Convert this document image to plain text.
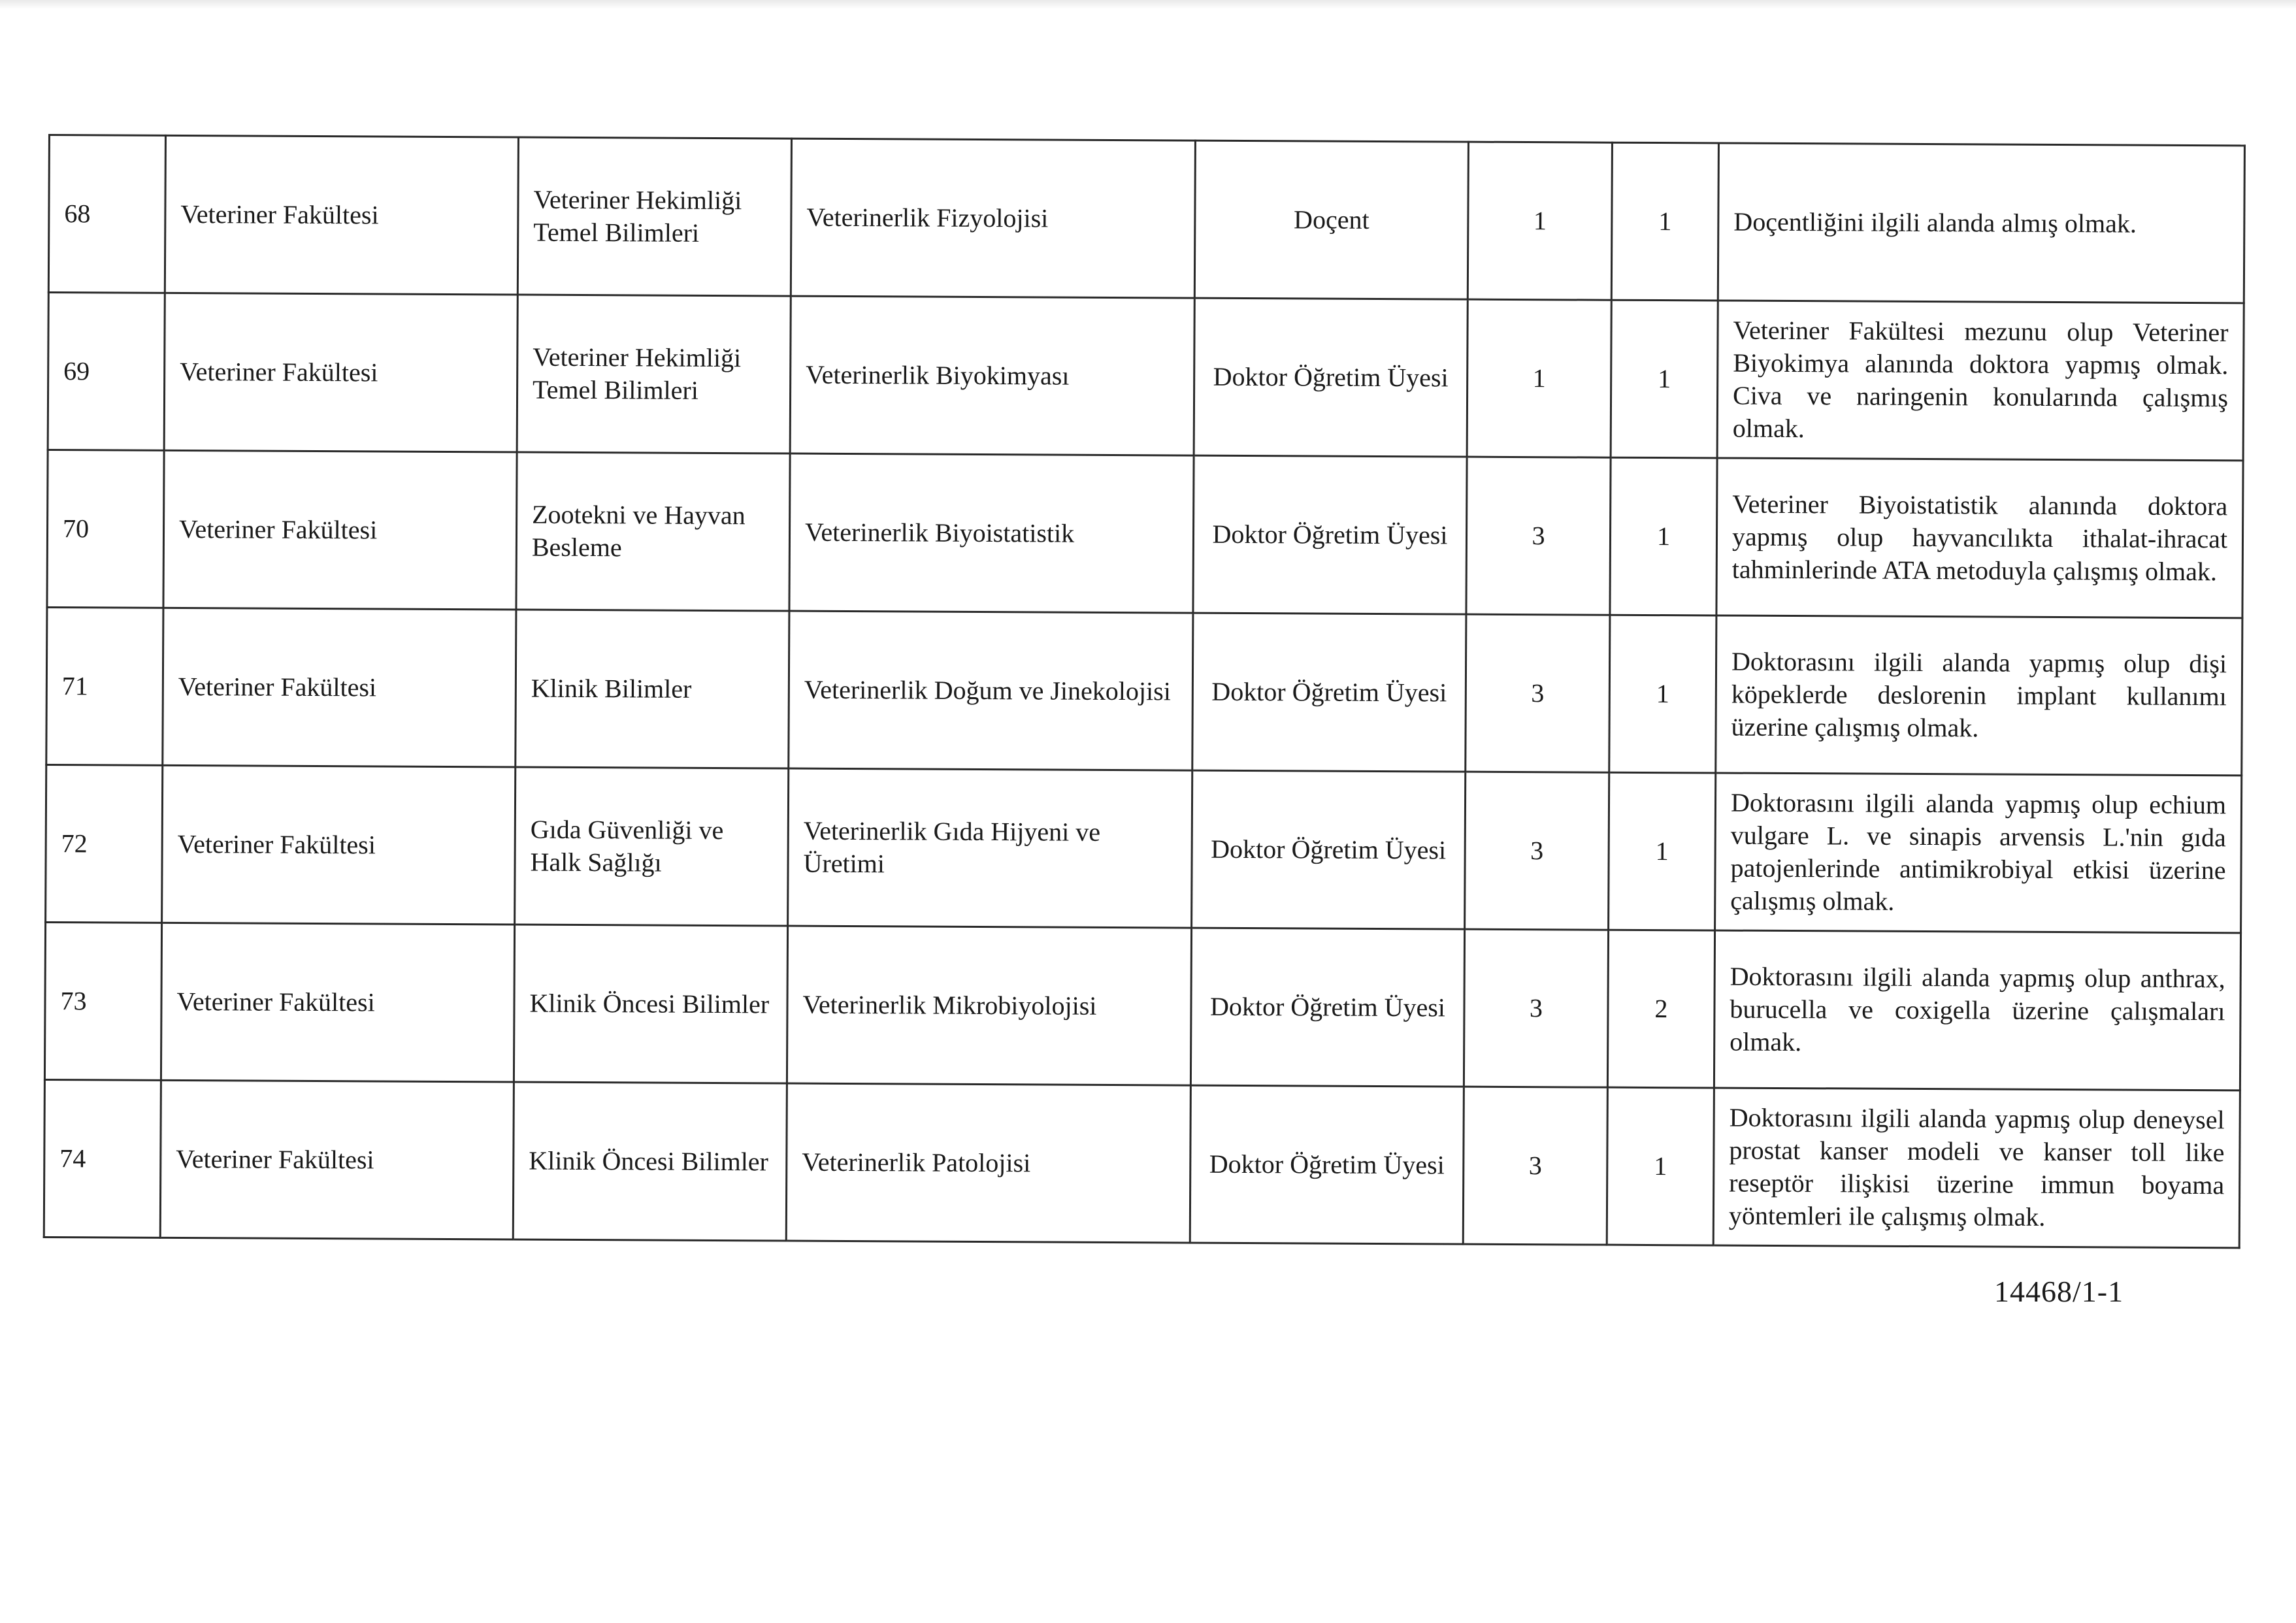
68	Veteriner Fakültesi	Veteriner Hekimliği Temel Bilimleri	Veterinerlik Fizyolojisi	Doçent	1	1	Doçentliğini ilgili alanda almış olmak.
69	Veteriner Fakültesi	Veteriner Hekimliği Temel Bilimleri	Veterinerlik Biyokimyası	Doktor Öğretim Üyesi	1	1	Veteriner Fakültesi mezunu olup Veteriner Biyokimya alanında doktora yapmış olmak. Civa ve naringenin konularında çalışmış olmak.
70	Veteriner Fakültesi	Zootekni ve Hayvan Besleme	Veterinerlik Biyoistatistik	Doktor Öğretim Üyesi	3	1	Veteriner Biyoistatistik alanında doktora yapmış olup hayvancılıkta ithalat-ihracat tahminlerinde ATA metoduyla çalışmış olmak.
71	Veteriner Fakültesi	Klinik Bilimler	Veterinerlik Doğum ve Jinekolojisi	Doktor Öğretim Üyesi	3	1	Doktorasını ilgili alanda yapmış olup dişi köpeklerde deslorenin implant kullanımı üzerine çalışmış olmak.
72	Veteriner Fakültesi	Gıda Güvenliği ve Halk Sağlığı	Veterinerlik Gıda Hijyeni ve Üretimi	Doktor Öğretim Üyesi	3	1	Doktorasını ilgili alanda yapmış olup echium vulgare L. ve sinapis arvensis L.'nin gıda patojenlerinde antimikrobiyal etkisi üzerine çalışmış olmak.
73	Veteriner Fakültesi	Klinik Öncesi Bilimler	Veterinerlik Mikrobiyolojisi	Doktor Öğretim Üyesi	3	2	Doktorasını ilgili alanda yapmış olup anthrax, burucella ve coxigella üzerine çalışmaları olmak.
74	Veteriner Fakültesi	Klinik Öncesi Bilimler	Veterinerlik Patolojisi	Doktor Öğretim Üyesi	3	1	Doktorasını ilgili alanda yapmış olup deneysel prostat kanser modeli ve kanser toll like reseptör ilişkisi üzerine immun boyama yöntemleri ile çalışmış olmak.
14468/1-1
